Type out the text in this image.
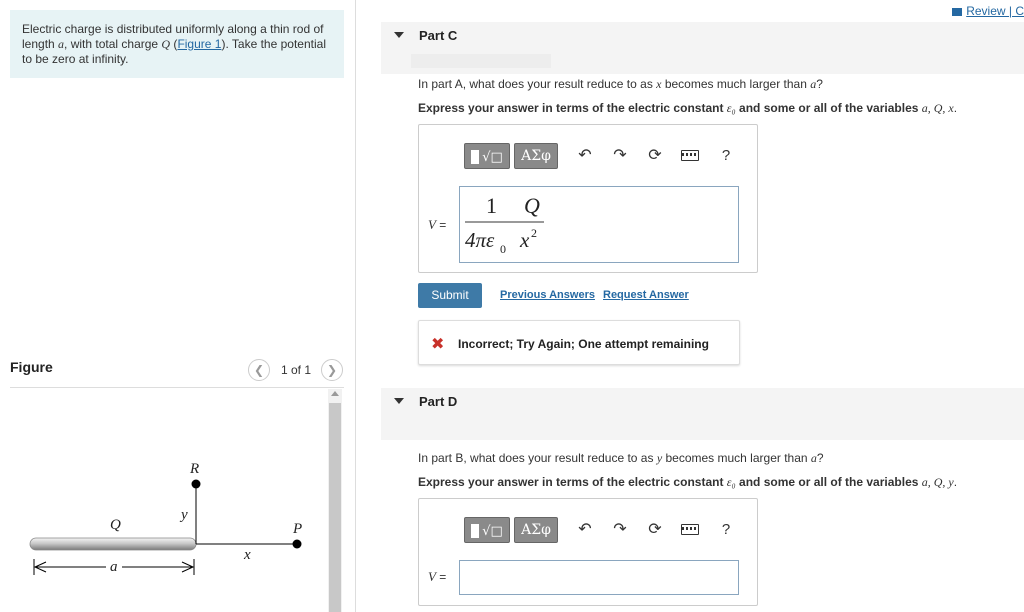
Electric charge is distributed uniformly along a thin rod of length a, with total charge Q (Figure 1). Take the potential to be zero at infinity.
Figure	❮	1 of 1	❯
R
Q
y
P
x
a
Review | C
Part C
In part A, what does your result reduce to as x becomes much larger than a?
Express your answer in terms of the electric constant ε₀ and some or all of the variables a, Q, x.
√□	ΑΣφ	↶	↷	⟳	?
V =
1 Q
4πε 0 x 2
Submit	Previous Answers Request Answer
✖ Incorrect; Try Again; One attempt remaining
Part D
In part B, what does your result reduce to as y becomes much larger than a?
Express your answer in terms of the electric constant ε₀ and some or all of the variables a, Q, y.
√□	ΑΣφ	↶	↷	⟳	?
V =
